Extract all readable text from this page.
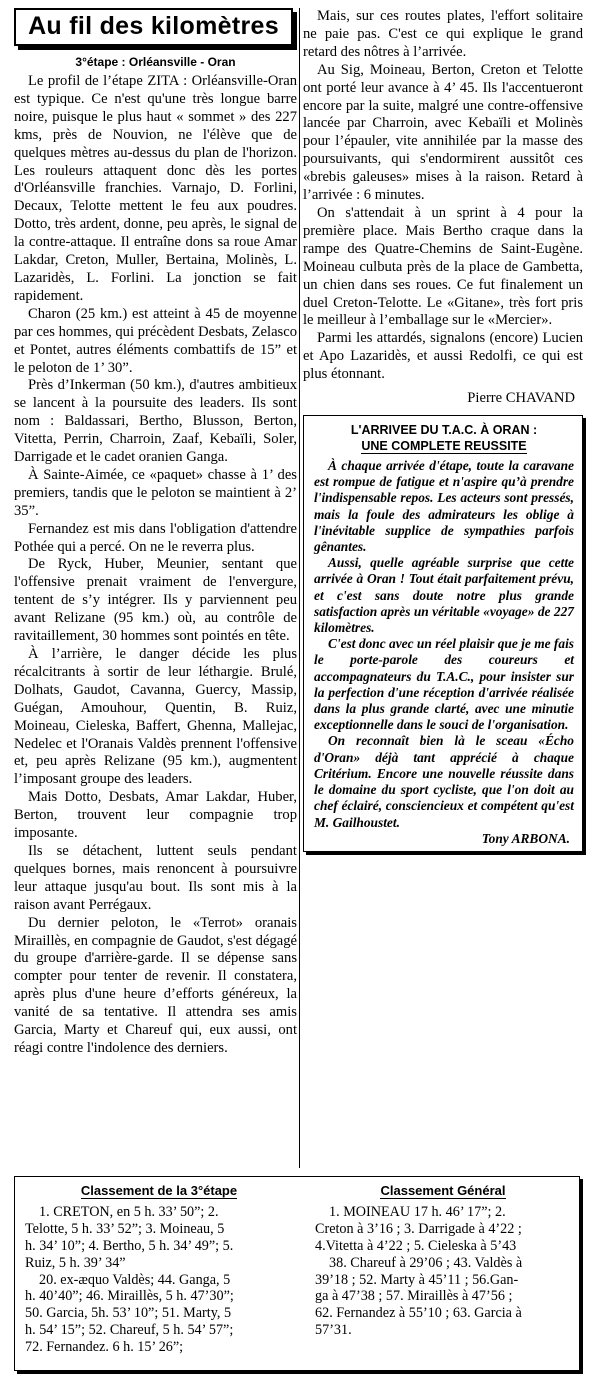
Au fil des kilomètres
3°étape : Orléansville - Oran

Le profil de l’étape ZITA : Orléansville-Oran est typique. Ce n'est qu'une très longue barre noire, puisque le plus haut « sommet » des 227 kms, près de Nouvion, ne l'élève que de quelques mètres au-dessus du plan de l'horizon. Les rouleurs attaquent donc dès les portes d'Orléansville franchies. Varnajo, D. Forlini, Decaux, Telotte mettent le feu aux poudres. Dotto, très ardent, donne, peu après, le signal de la contre-attaque. Il entraîne dons sa roue Amar Lakdar, Creton, Muller, Bertaina, Molinès, L. Lazaridès, L. Forlini. La jonction se fait rapidement.

Charon (25 km.) est atteint à 45 de moyenne par ces hommes, qui précèdent Desbats, Zelasco et Pontet, autres éléments combattifs de 15” et le peloton de 1’ 30”.

Près d’Inkerman (50 km.), d'autres ambitieux se lancent à la poursuite des leaders. Ils sont nom : Baldassari, Bertho, Blusson, Berton, Vitetta, Perrin, Charroin, Zaaf, Kebaïli, Soler, Darrigade et le cadet oranien Ganga.

À Sainte-Aimée, ce «paquet» chasse à 1’ des premiers, tandis que le peloton se maintient à 2’ 35”.

Fernandez est mis dans l'obligation d'attendre Pothée qui a percé. On ne le reverra plus.

De Ryck, Huber, Meunier, sentant que l'offensive prenait vraiment de l'envergure, tentent de s’y intégrer. Ils y parviennent peu avant Relizane (95 km.) où, au contrôle de ravitaillement, 30 hommes sont pointés en tête.

À l’arrière, le danger décide les plus récalcitrants à sortir de leur léthargie. Brulé, Dolhats, Gaudot, Cavanna, Guercy, Massip, Guégan, Amouhour, Quentin, B. Ruiz, Moineau, Cieleska, Baffert, Ghenna, Mallejac, Nedelec et l'Oranais Valdès prennent l'offensive et, peu après Relizane (95 km.), augmentent l’imposant groupe des leaders.

Mais Dotto, Desbats, Amar Lakdar, Huber, Berton, trouvent leur compagnie trop imposante.

Ils se détachent, luttent seuls pendant quelques bornes, mais renoncent à poursuivre leur attaque jusqu'au bout. Ils sont mis à la raison avant Perrégaux.

Du dernier peloton, le «Terrot» oranais Miraillès, en compagnie de Gaudot, s'est dégagé du groupe d'arrière-garde. Il se dépense sans compter pour tenter de revenir. Il constatera, après plus d'une heure d’efforts généreux, la vanité de sa tentative. Il attendra ses amis Garcia, Marty et Chareuf qui, eux aussi, ont réagi contre l'indolence des derniers.

Mais, sur ces routes plates, l'effort solitaire ne paie pas. C'est ce qui explique le grand retard des nôtres à l’arrivée.

Au Sig, Moineau, Berton, Creton et Telotte ont porté leur avance à 4’ 45. Ils l'accentueront encore par la suite, malgré une contre-offensive lancée par Charroin, avec Kebaïli et Molinès pour l’épauler, vite annihilée par la masse des poursuivants, qui s'endormirent aussitôt ces «brebis galeuses» mises à la raison. Retard à l’arrivée : 6 minutes.

On s'attendait à un sprint à 4 pour la première place. Mais Bertho craque dans la rampe des Quatre-Chemins de Saint-Eugène. Moineau culbuta près de la place de Gambetta, un chien dans ses roues. Ce fut finalement un duel Creton-Telotte. Le «Gitane», très fort pris le meilleur à l’emballage sur le «Mercier».

Parmi les attardés, signalons (encore) Lucien et Apo Lazaridès, et aussi Redolfi, ce qui est plus étonnant.

Pierre CHAVAND
L'ARRIVEE DU T.A.C. À ORAN :
UNE COMPLETE REUSSITE

À chaque arrivée d'étape, toute la caravane est rompue de fatigue et n'aspire qu’à prendre l'indispensable repos. Les acteurs sont pressés, mais la foule des admirateurs les oblige à l'inévitable supplice de sympathies parfois gênantes.

Aussi, quelle agréable surprise que cette arrivée à Oran ! Tout était parfaitement prévu, et c'est sans doute notre plus grande satisfaction après un véritable «voyage» de 227 kilomètres.

C'est donc avec un réel plaisir que je me fais le porte-parole des coureurs et accompagnateurs du T.A.C., pour insister sur la perfection d'une réception d'arrivée réalisée dans la plus grande clarté, avec une minutie exceptionnelle dans le souci de l'organisation.

On reconnaît bien là le sceau «Écho d'Oran» déjà tant apprécié à chaque Critérium. Encore une nouvelle réussite dans le domaine du sport cycliste, que l'on doit au chef éclairé, consciencieux et compétent qu'est M. Gailhoustet.

Tony ARBONA.
Classement de la 3°étape
1. CRETON, en 5 h. 33’ 50”; 2.
Telotte, 5 h. 33’ 52”; 3. Moineau, 5
h. 34’ 10”; 4. Bertho, 5 h. 34’ 49”; 5.
Ruiz, 5 h. 39’ 34”
20. ex-æquo Valdès; 44. Ganga, 5
h. 40’40”; 46. Miraillès, 5 h. 47’30”;
50. Garcia, 5h. 53’ 10”; 51. Marty, 5
h. 54’ 15”; 52. Chareuf, 5 h. 54’ 57”;
72. Fernandez. 6 h. 15’ 26”;
Classement Général
1. MOINEAU 17 h. 46’ 17”; 2.
Creton à 3’16 ; 3. Darrigade à 4’22 ;
4.Vitetta à 4’22 ; 5. Cieleska à 5’43
38. Chareuf à 29’06 ; 43. Valdès à
39’18 ; 52. Marty à 45’11 ; 56.Gan-
ga à 47’38 ; 57. Miraillès à 47’56 ;
62. Fernandez à 55’10 ; 63. Garcia à
57’31.
